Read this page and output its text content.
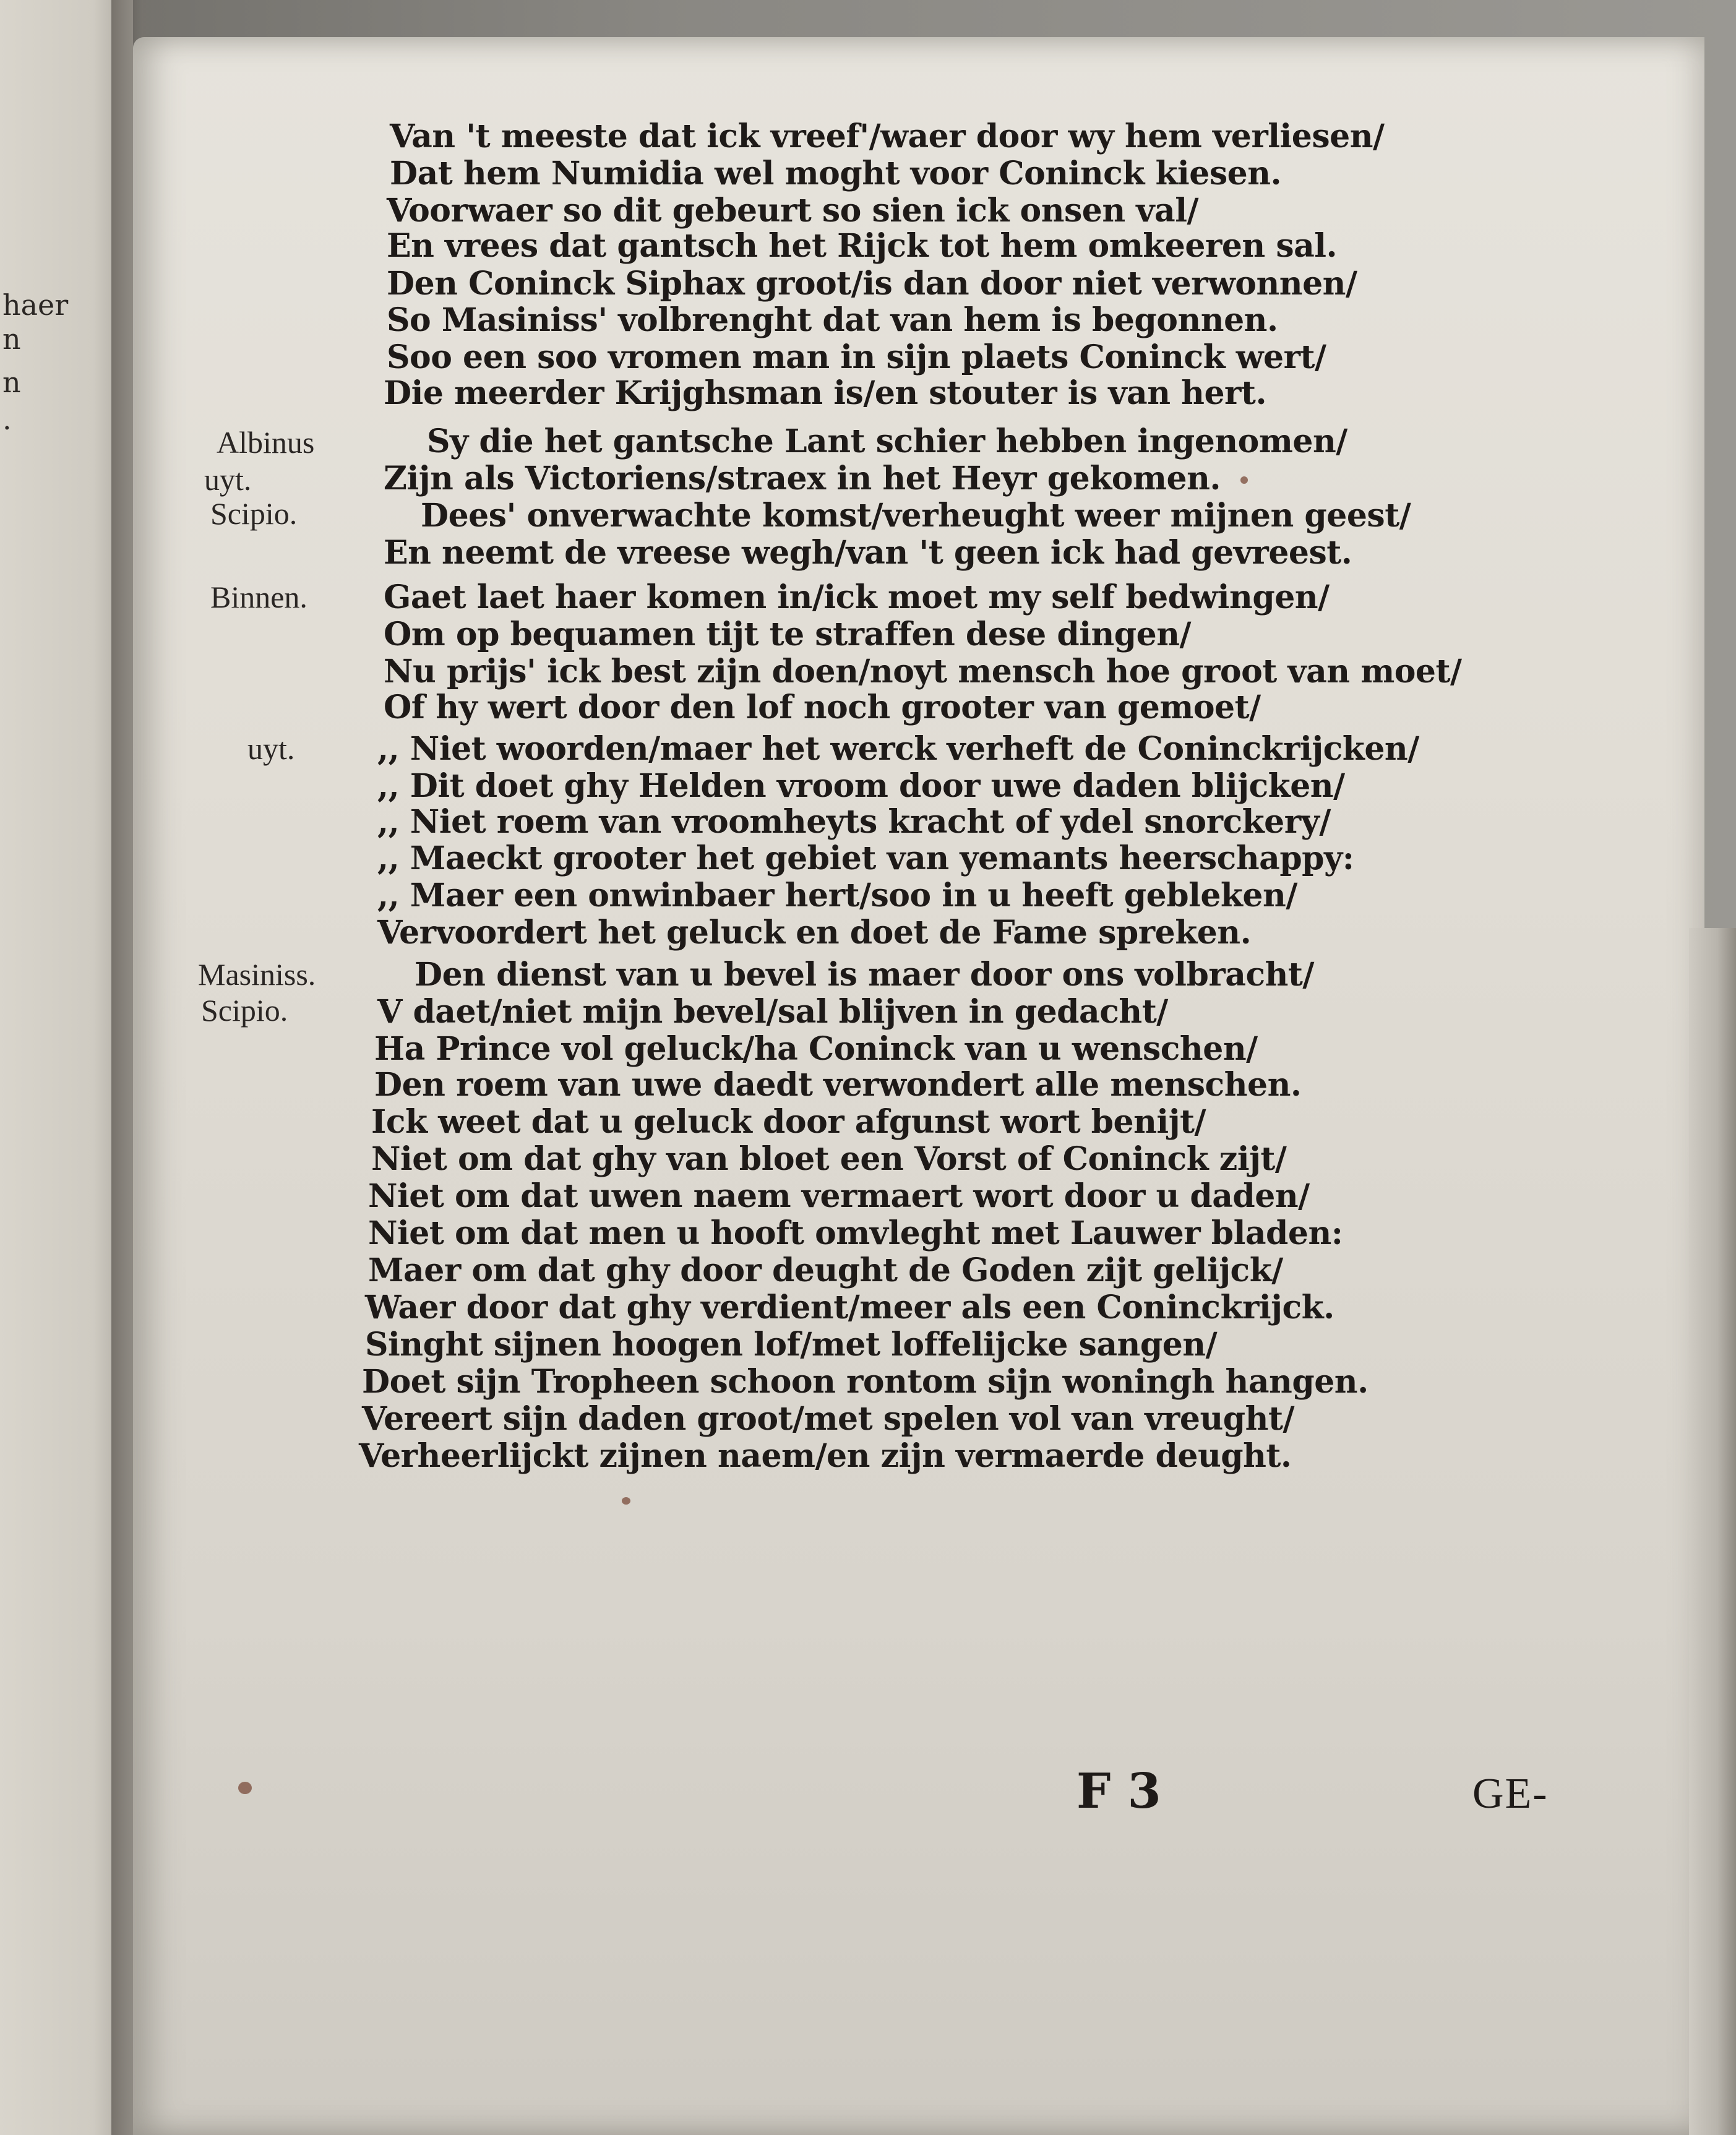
haer
n
n
.
Albinus
uyt.
Scipio.
Binnen.
uyt.
Masiniss.
Scipio.
Van 't meeste dat ick vreef'/waer door wy hem verliesen/
Dat hem Numidia wel moght voor Coninck kiesen.
Voorwaer so dit gebeurt so sien ick onsen val/
En vrees dat gantsch het Rijck tot hem omkeeren sal.
Den Coninck Siphax groot/is dan door niet verwonnen/
So Masiniss' volbrenght dat van hem is begonnen.
Soo een soo vromen man in sijn plaets Coninck wert/
Die meerder Krijghsman is/en stouter is van hert.
Sy die het gantsche Lant schier hebben ingenomen/
Zijn als Victoriens/straex in het Heyr gekomen.
Dees' onverwachte komst/verheught weer mijnen geest/
En neemt de vreese wegh/van 't geen ick had gevreest.
Gaet laet haer komen in/ick moet my self bedwingen/
Om op bequamen tijt te straffen dese dingen/
Nu prijs' ick best zijn doen/noyt mensch hoe groot van moet/
Of hy wert door den lof noch grooter van gemoet/
,, Niet woorden/maer het werck verheft de Coninckrijcken/
,, Dit doet ghy Helden vroom door uwe daden blijcken/
,, Niet roem van vroomheyts kracht of ydel snorckery/
,, Maeckt grooter het gebiet van yemants heerschappy:
,, Maer een onwinbaer hert/soo in u heeft gebleken/
Vervoordert het geluck en doet de Fame spreken.
Den dienst van u bevel is maer door ons volbracht/
V daet/niet mijn bevel/sal blijven in gedacht/
Ha Prince vol geluck/ha Coninck van u wenschen/
Den roem van uwe daedt verwondert alle menschen.
Ick weet dat u geluck door afgunst wort benijt/
Niet om dat ghy van bloet een Vorst of Coninck zijt/
Niet om dat uwen naem vermaert wort door u daden/
Niet om dat men u hooft omvleght met Lauwer bladen:
Maer om dat ghy door deught de Goden zijt gelijck/
Waer door dat ghy verdient/meer als een Coninckrijck.
Singht sijnen hoogen lof/met loffelijcke sangen/
Doet sijn Tropheen schoon rontom sijn woningh hangen.
Vereert sijn daden groot/met spelen vol van vreught/
Verheerlijckt zijnen naem/en zijn vermaerde deught.
F 3	GE-
